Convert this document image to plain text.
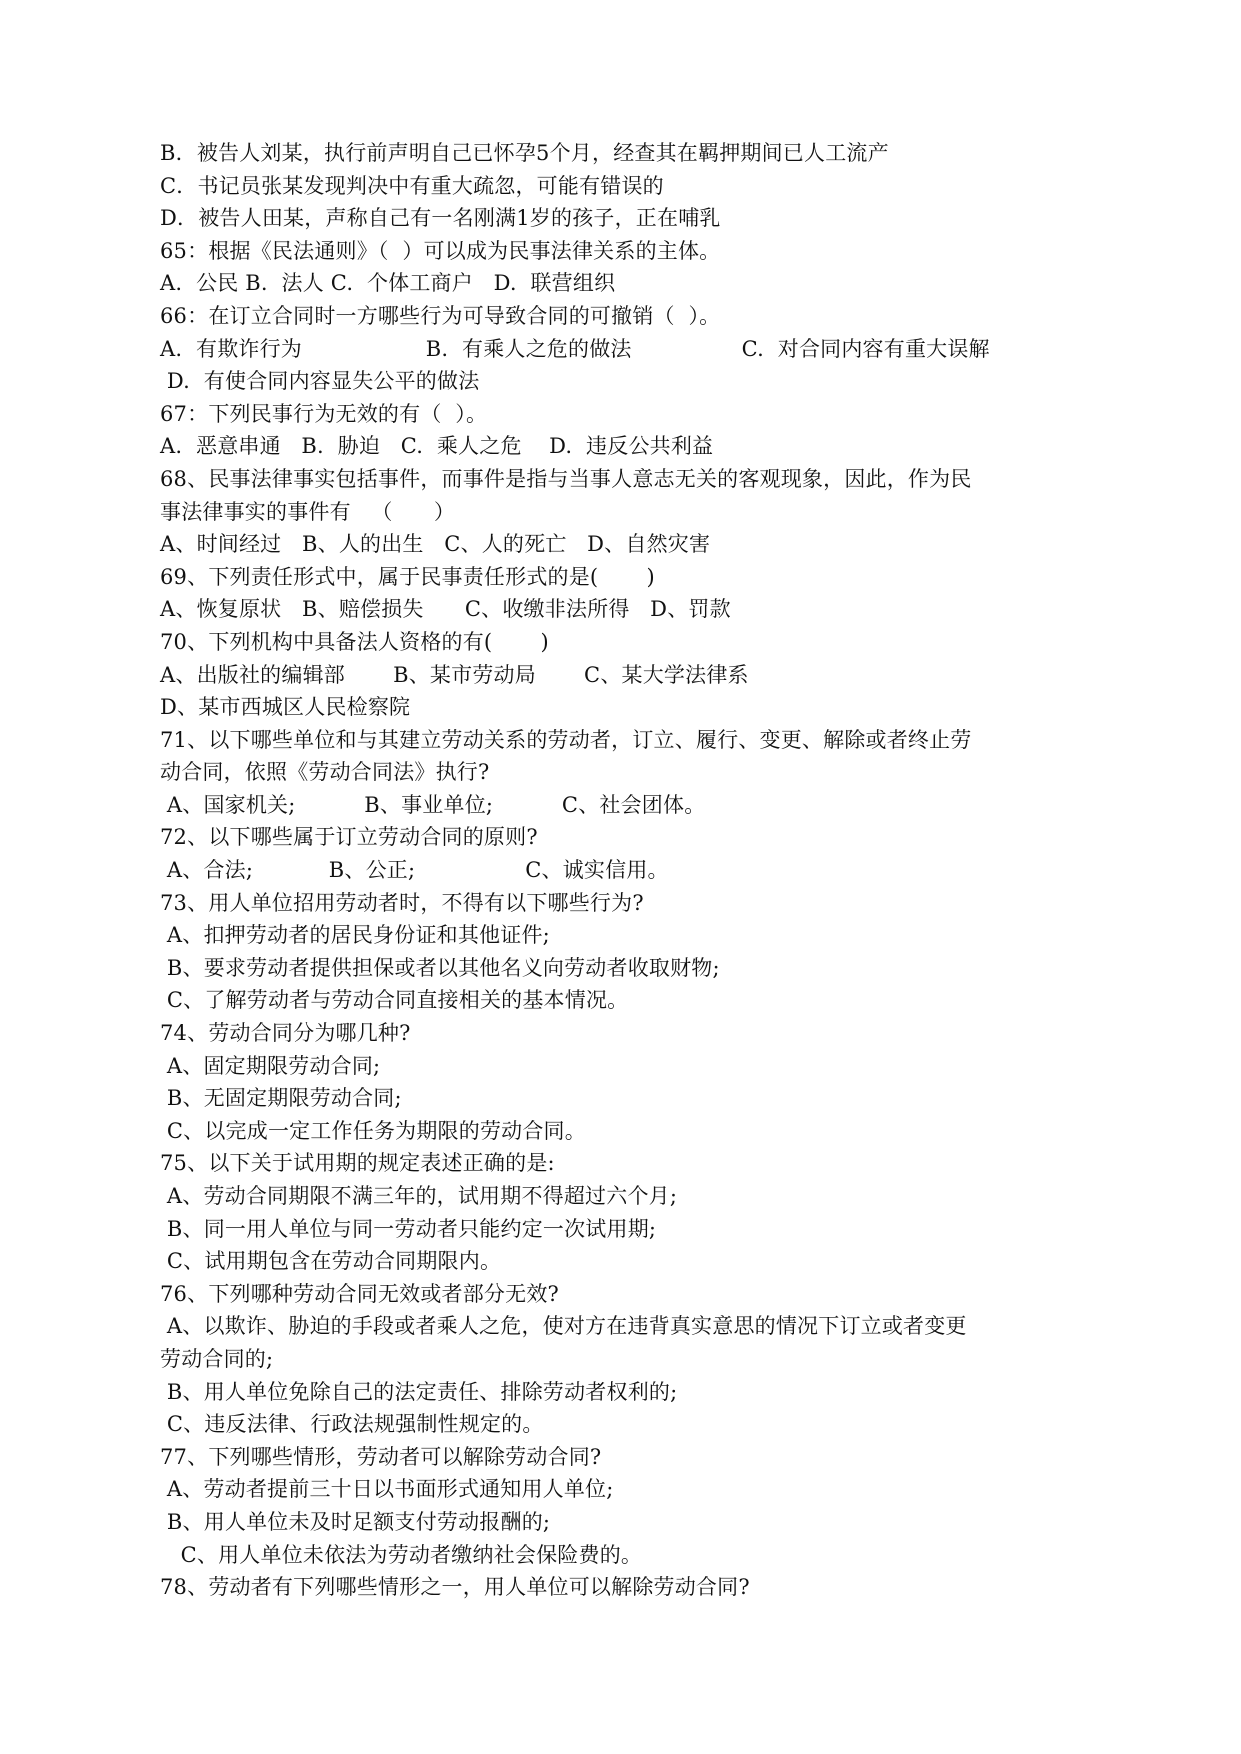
B．被告人刘某，执行前声明自己已怀孕5个月，经查其在羁押期间已人工流产
C．书记员张某发现判决中有重大疏忽，可能有错误的
D．被告人田某，声称自己有一名刚满1岁的孩子，正在哺乳
65：根据《民法通则》（  ）可以成为民事法律关系的主体。
A.  公民 B.  法人 C.  个体工商户   D.  联营组织
66：在订立合同时一方哪些行为可导致合同的可撤销（  ）。
A.  有欺诈行为                  B.  有乘人之危的做法                C.  对合同内容有重大误解
D.  有使合同内容显失公平的做法
67：下列民事行为无效的有（  ）。
A.  恶意串通   B.  胁迫   C.  乘人之危    D.  违反公共利益
68、民事法律事实包括事件，而事件是指与当事人意志无关的客观现象，因此，作为民
事法律事实的事件有   （      ）
A、时间经过   B、人的出生   C、人的死亡   D、自然灾害
69、下列责任形式中，属于民事责任形式的是(       )
A、恢复原状   B、赔偿损失      C、收缴非法所得   D、罚款
70、下列机构中具备法人资格的有(       )
A、出版社的编辑部       B、某市劳动局       C、某大学法律系
D、某市西城区人民检察院
71、以下哪些单位和与其建立劳动关系的劳动者，订立、履行、变更、解除或者终止劳
动合同，依照《劳动合同法》执行?
A、国家机关;          B、事业单位;          C、社会团体。
72、以下哪些属于订立劳动合同的原则?
A、合法;           B、公正;                C、诚实信用。
73、用人单位招用劳动者时，不得有以下哪些行为?
A、扣押劳动者的居民身份证和其他证件;
B、要求劳动者提供担保或者以其他名义向劳动者收取财物;
C、了解劳动者与劳动合同直接相关的基本情况。
74、劳动合同分为哪几种?
A、固定期限劳动合同;
B、无固定期限劳动合同;
C、以完成一定工作任务为期限的劳动合同。
75、以下关于试用期的规定表述正确的是:
A、劳动合同期限不满三年的，试用期不得超过六个月;
B、同一用人单位与同一劳动者只能约定一次试用期;
C、试用期包含在劳动合同期限内。
76、下列哪种劳动合同无效或者部分无效?
A、以欺诈、胁迫的手段或者乘人之危，使对方在违背真实意思的情况下订立或者变更
劳动合同的;
B、用人单位免除自己的法定责任、排除劳动者权利的;
C、违反法律、行政法规强制性规定的。
77、下列哪些情形，劳动者可以解除劳动合同?
A、劳动者提前三十日以书面形式通知用人单位;
B、用人单位未及时足额支付劳动报酬的;
C、用人单位未依法为劳动者缴纳社会保险费的。
78、劳动者有下列哪些情形之一，用人单位可以解除劳动合同?
